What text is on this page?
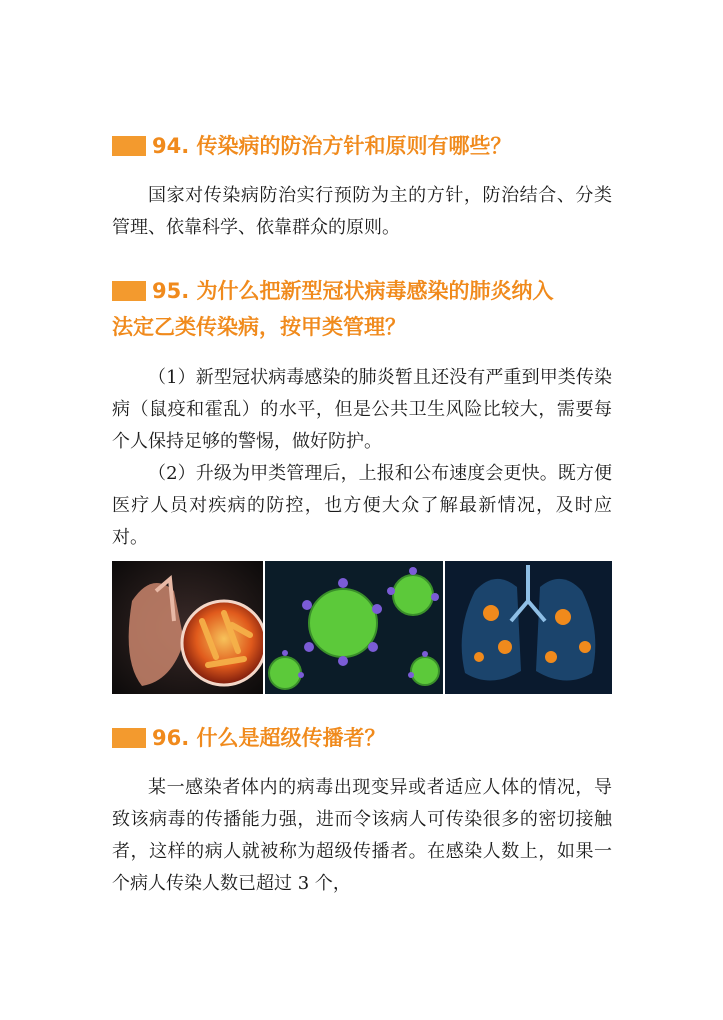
94. 传染病的防治方针和原则有哪些？

国家对传染病防治实行预防为主的方针，防治结合、分类管理、依靠科学、依靠群众的原则。

95. 为什么把新型冠状病毒感染的肺炎纳入
法定乙类传染病，按甲类管理？

（1）新型冠状病毒感染的肺炎暂且还没有严重到甲类传染病（鼠疫和霍乱）的水平，但是公共卫生风险比较大，需要每个人保持足够的警惕，做好防护。

（2）升级为甲类管理后，上报和公布速度会更快。既方便医疗人员对疾病的防控，也方便大众了解最新情况，及时应对。

96. 什么是超级传播者？

某一感染者体内的病毒出现变异或者适应人体的情况，导致该病毒的传播能力强，进而令该病人可传染很多的密切接触者，这样的病人就被称为超级传播者。在感染人数上，如果一个病人传染人数已超过 3 个，
